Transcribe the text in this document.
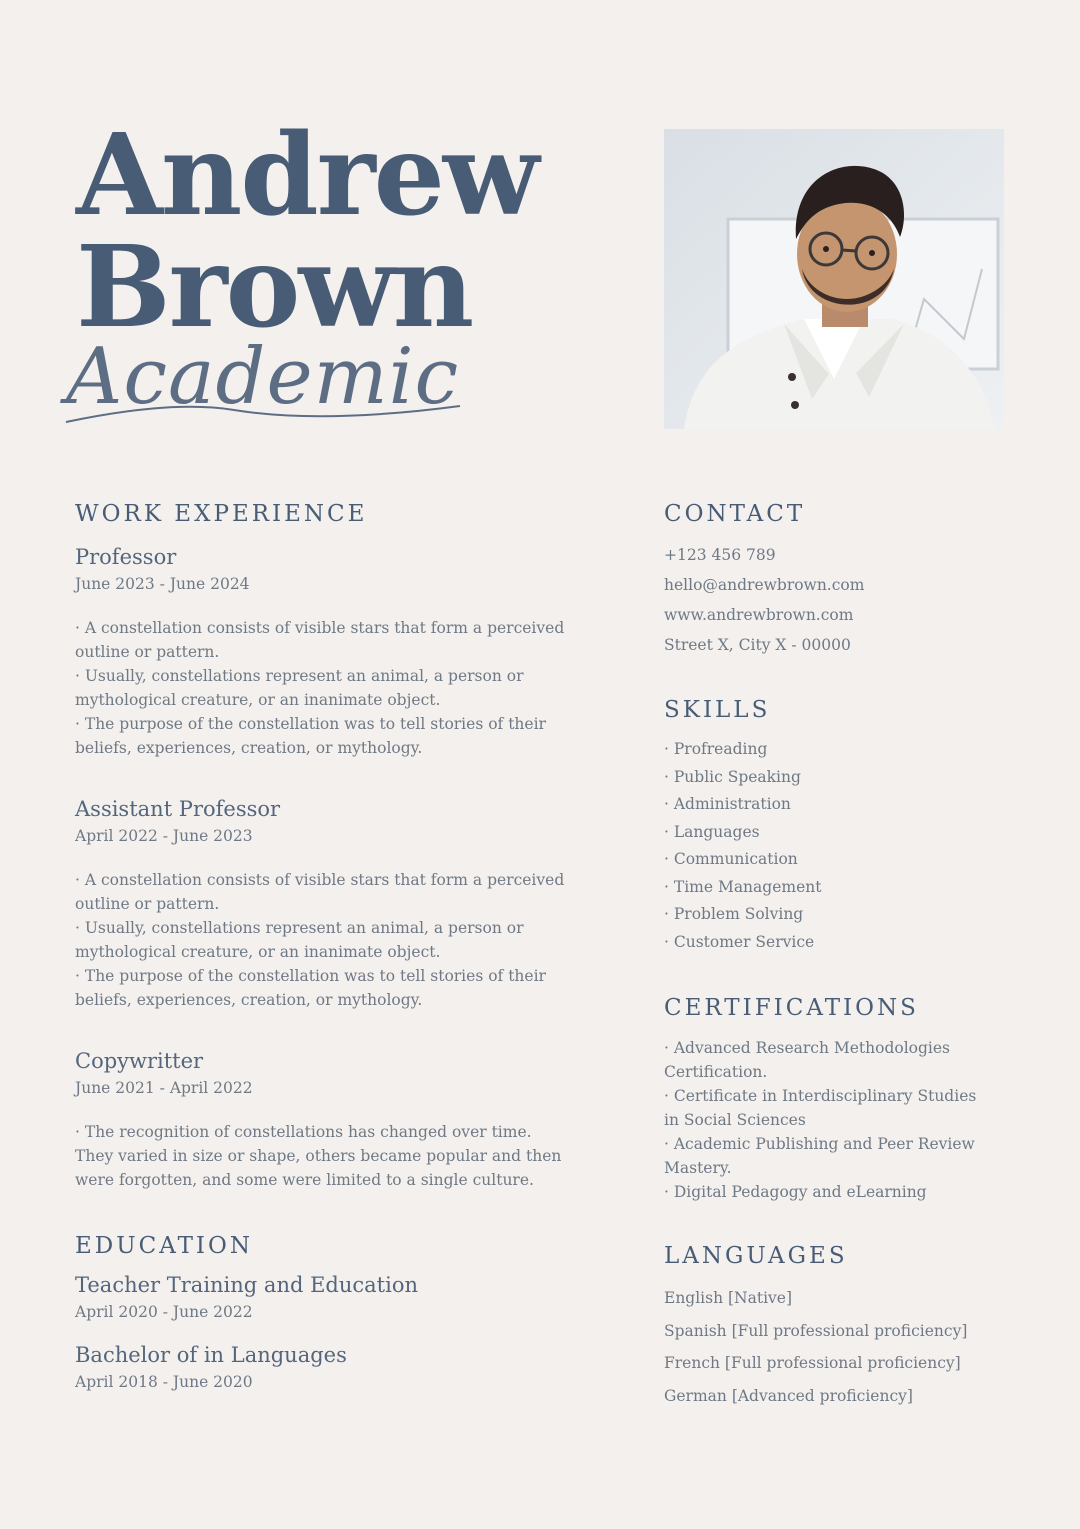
Andrew
Brown
Academic
WORK EXPERIENCE
Professor
June 2023 - June 2024
· A constellation consists of visible stars that form a perceived
outline or pattern.
· Usually, constellations represent an animal, a person or
mythological creature, or an inanimate object.
· The purpose of the constellation was to tell stories of their
beliefs, experiences, creation, or mythology.
Assistant Professor
April 2022 - June 2023
· A constellation consists of visible stars that form a perceived
outline or pattern.
· Usually, constellations represent an animal, a person or
mythological creature, or an inanimate object.
· The purpose of the constellation was to tell stories of their
beliefs, experiences, creation, or mythology.
Copywritter
June 2021 - April 2022
· The recognition of constellations has changed over time.
They varied in size or shape, others became popular and then
were forgotten, and some were limited to a single culture.
EDUCATION
Teacher Training and Education
April 2020 - June 2022
Bachelor of in Languages
April 2018 - June 2020
CONTACT
+123 456 789
hello@andrewbrown.com
www.andrewbrown.com
Street X, City X - 00000
SKILLS
· Profreading
· Public Speaking
· Administration
· Languages
· Communication
· Time Management
· Problem Solving
· Customer Service
CERTIFICATIONS
· Advanced Research Methodologies
Certification.
· Certificate in Interdisciplinary Studies
in Social Sciences
· Academic Publishing and Peer Review
Mastery.
· Digital Pedagogy and eLearning
LANGUAGES
English [Native]
Spanish [Full professional proficiency]
French [Full professional proficiency]
German [Advanced proficiency]
